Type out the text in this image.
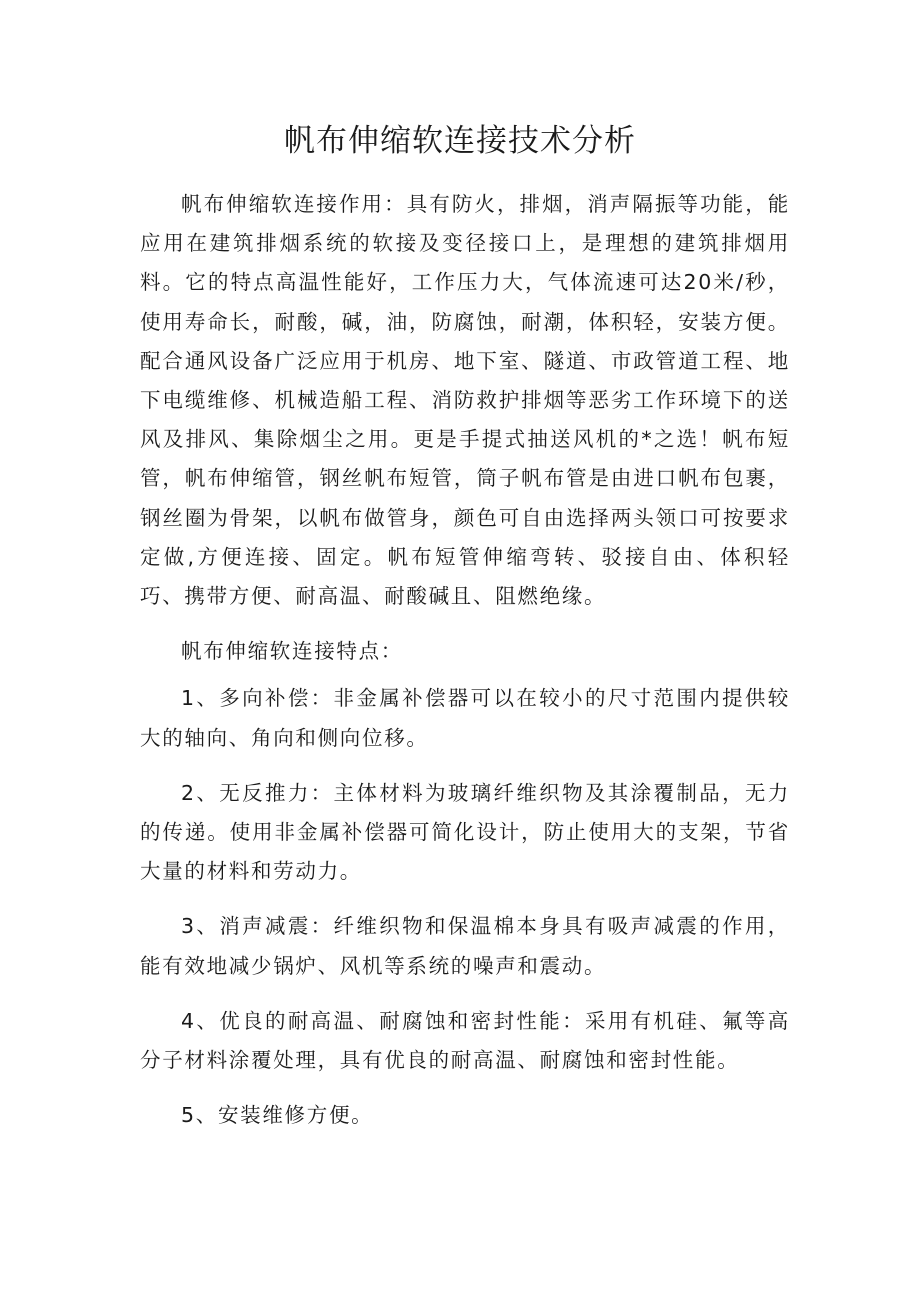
帆布伸缩软连接技术分析

帆布伸缩软连接作用：具有防火，排烟，消声隔振等功能，能应用在建筑排烟系统的软接及变径接口上，是理想的建筑排烟用料。它的特点高温性能好，工作压力大，气体流速可达20米/秒，使用寿命长，耐酸，碱，油，防腐蚀，耐潮，体积轻，安装方便。配合通风设备广泛应用于机房、地下室、隧道、市政管道工程、地下电缆维修、机械造船工程、消防救护排烟等恶劣工作环境下的送风及排风、集除烟尘之用。更是手提式抽送风机的*之选！帆布短管，帆布伸缩管，钢丝帆布短管，筒子帆布管是由进口帆布包裹，钢丝圈为骨架，以帆布做管身，颜色可自由选择两头领口可按要求定做,方便连接、固定。帆布短管伸缩弯转、驳接自由、体积轻巧、携带方便、耐高温、耐酸碱且、阻燃绝缘。

帆布伸缩软连接特点：

1、多向补偿：非金属补偿器可以在较小的尺寸范围内提供较大的轴向、角向和侧向位移。

2、无反推力：主体材料为玻璃纤维织物及其涂覆制品，无力的传递。使用非金属补偿器可简化设计，防止使用大的支架，节省大量的材料和劳动力。

3、消声减震：纤维织物和保温棉本身具有吸声减震的作用，能有效地减少锅炉、风机等系统的噪声和震动。

4、优良的耐高温、耐腐蚀和密封性能：采用有机硅、氟等高分子材料涂覆处理，具有优良的耐高温、耐腐蚀和密封性能。

5、安装维修方便。
